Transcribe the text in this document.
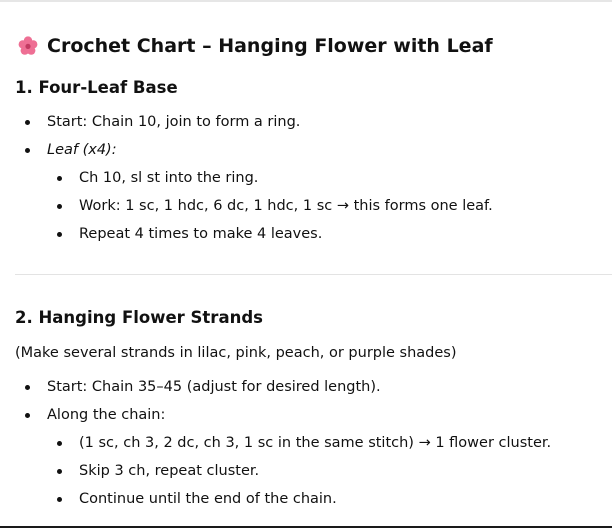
Crochet Chart – Hanging Flower with Leaf
1. Four-Leaf Base
Start: Chain 10, join to form a ring.
Leaf (x4):
Ch 10, sl st into the ring.
Work: 1 sc, 1 hdc, 6 dc, 1 hdc, 1 sc → this forms one leaf.
Repeat 4 times to make 4 leaves.
2. Hanging Flower Strands
(Make several strands in lilac, pink, peach, or purple shades)
Start: Chain 35–45 (adjust for desired length).
Along the chain:
(1 sc, ch 3, 2 dc, ch 3, 1 sc in the same stitch) → 1 flower cluster.
Skip 3 ch, repeat cluster.
Continue until the end of the chain.
